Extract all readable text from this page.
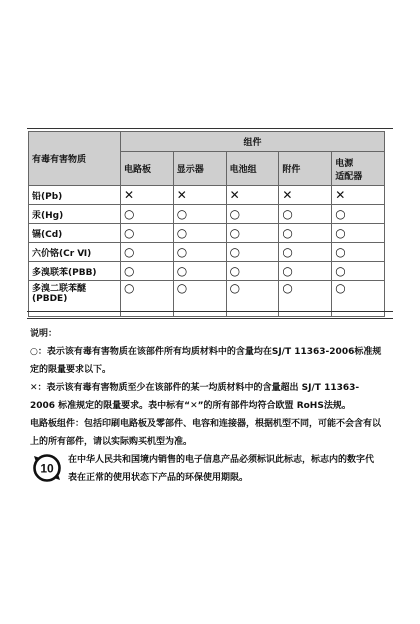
有毒有害物质	组件				
	电路板	显示器	电池组	附件	电源
适配器
铅(Pb)	✕	✕	✕	✕	✕
汞(Hg)	○	○	○	○	○
镉(Cd)	○	○	○	○	○
六价铬(Cr Ⅵ)	○	○	○	○	○
多溴联苯(PBB)	○	○	○	○	○
多溴二联苯醚
(PBDE)	○	○	○	○	○

说明：

○：表示该有毒有害物质在该部件所有均质材料中的含量均在SJ/T 11363-2006标准规定的限量要求以下。

✕：表示该有毒有害物质至少在该部件的某一均质材料中的含量超出 SJ/T 11363-2006 标准规定的限量要求。表中标有“✕”的所有部件均符合欧盟 RoHS法规。

电路板组件：包括印刷电路板及零部件、电容和连接器，根据机型不同，可能不会含有以上的所有部件，请以实际购买机型为准。

10

在中华人民共和国境内销售的电子信息产品必须标识此标志，标志内的数字代表在正常的使用状态下产品的环保使用期限。
